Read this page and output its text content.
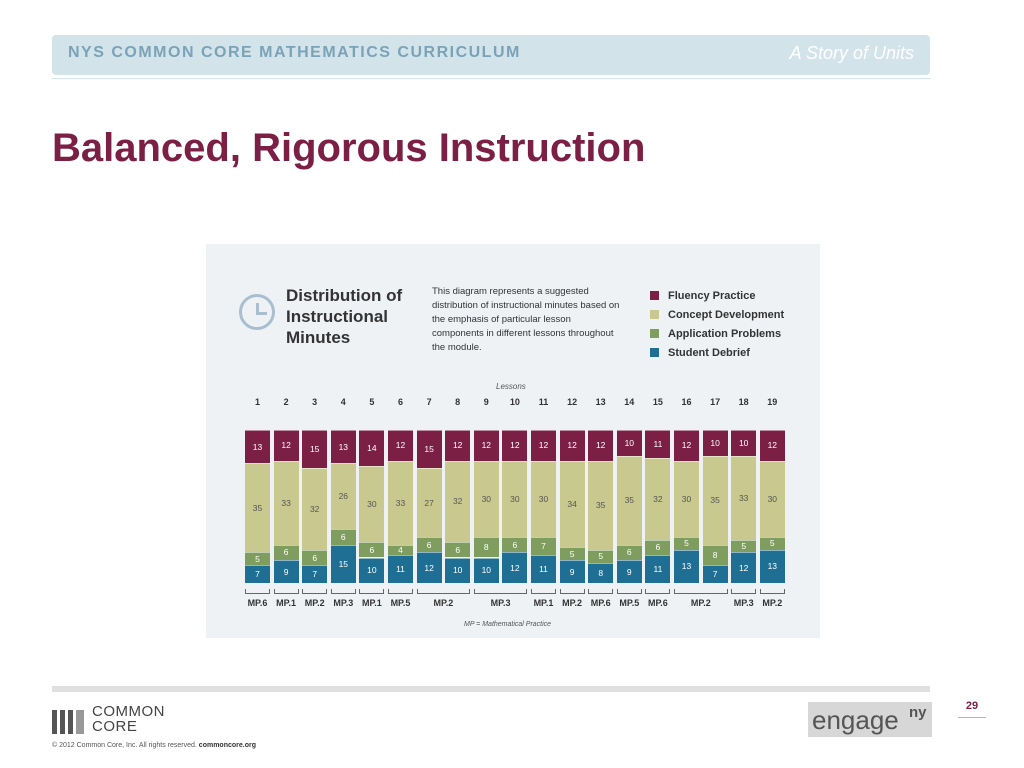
NYS COMMON CORE MATHEMATICS CURRICULUM	A Story of Units
Balanced, Rigorous Instruction
Distribution of Instructional Minutes
This diagram represents a suggested distribution of instructional minutes based on the emphasis of particular lesson components in different lessons throughout the module.
Fluency Practice
Concept Development
Application Problems
Student Debrief
Lessons
1
7
5
35
13
2
9
6
33
12
3
7
6
32
15
4
15
6
26
13
5
10
6
30
14
6
11
4
33
12
7
12
6
27
15
8
10
6
32
12
9
10
8
30
12
10
12
6
30
12
11
11
7
30
12
12
9
5
34
12
13
8
5
35
12
14
9
6
35
10
15
11
6
32
11
16
13
5
30
12
17
7
8
35
10
18
12
5
33
10
19
13
5
30
12
MP.6 MP.1 MP.2 MP.3 MP.1 MP.5	MP.2	MP.3	MP.1 MP.2 MP.6 MP.5 MP.6	MP.2	MP.3 MP.2
MP = Mathematical Practice
COMMON
CORE
© 2012 Common Core, Inc. All rights reserved. commoncore.org
engage ny	29
